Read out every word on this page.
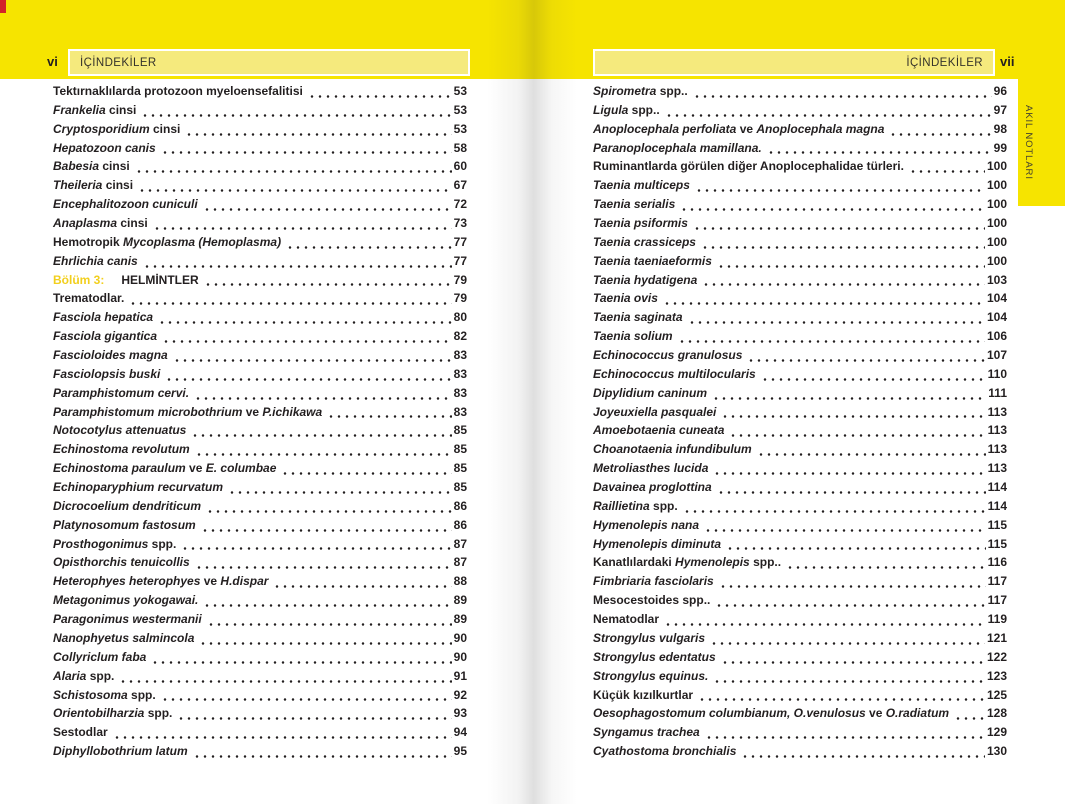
vi İÇİNDEKİLER	İÇİNDEKİLER vii
AKIL NOTLARI
Tektırnaklılarda protozoon myeloensefalitisi	53
Frankelia cinsi	53
Cryptosporidium cinsi	53
Hepatozoon canis	58
Babesia cinsi	60
Theileria cinsi	67
Encephalitozoon cuniculi	72
Anaplasma cinsi	73
Hemotropik Mycoplasma (Hemoplasma)	77
Ehrlichia canis	77
Bölüm 3: HELMİNTLER	79
Trematodlar.	79
Fasciola hepatica	80
Fasciola gigantica	82
Fascioloides magna	83
Fasciolopsis buski	83
Paramphistomum cervi.	83
Paramphistomum microbothrium ve P.ichikawa	83
Notocotylus attenuatus	85
Echinostoma revolutum	85
Echinostoma paraulum ve E. columbae	85
Echinoparyphium recurvatum	85
Dicrocoelium dendriticum	86
Platynosomum fastosum	86
Prosthogonimus spp.	87
Opisthorchis tenuicollis	87
Heterophyes heterophyes ve H.dispar	88
Metagonimus yokogawai.	89
Paragonimus westermanii	89
Nanophyetus salmincola	90
Collyriclum faba	90
Alaria spp.	91
Schistosoma spp.	92
Orientobilharzia spp.	93
Sestodlar	94
Diphyllobothrium latum	95
Spirometra spp..	96
Ligula spp..	97
Anoplocephala perfoliata ve Anoplocephala magna	98
Paranoplocephala mamillana.	99
Ruminantlarda görülen diğer Anoplocephalidae türleri.	100
Taenia multiceps	100
Taenia serialis	100
Taenia psiformis	100
Taenia crassiceps	100
Taenia taeniaeformis	100
Taenia hydatigena	103
Taenia ovis	104
Taenia saginata	104
Taenia solium	106
Echinococcus granulosus	107
Echinococcus multilocularis	110
Dipylidium caninum	111
Joyeuxiella pasqualei	113
Amoebotaenia cuneata	113
Choanotaenia infundibulum	113
Metroliasthes lucida	113
Davainea proglottina	114
Raillietina spp.	114
Hymenolepis nana	115
Hymenolepis diminuta	115
Kanatlılardaki Hymenolepis spp..	116
Fimbriaria fasciolaris	117
Mesocestoides spp..	117
Nematodlar	119
Strongylus vulgaris	121
Strongylus edentatus	122
Strongylus equinus.	123
Küçük kızılkurtlar	125
Oesophagostomum columbianum, O.venulosus ve O.radiatum	128
Syngamus trachea	129
Cyathostoma bronchialis	130
